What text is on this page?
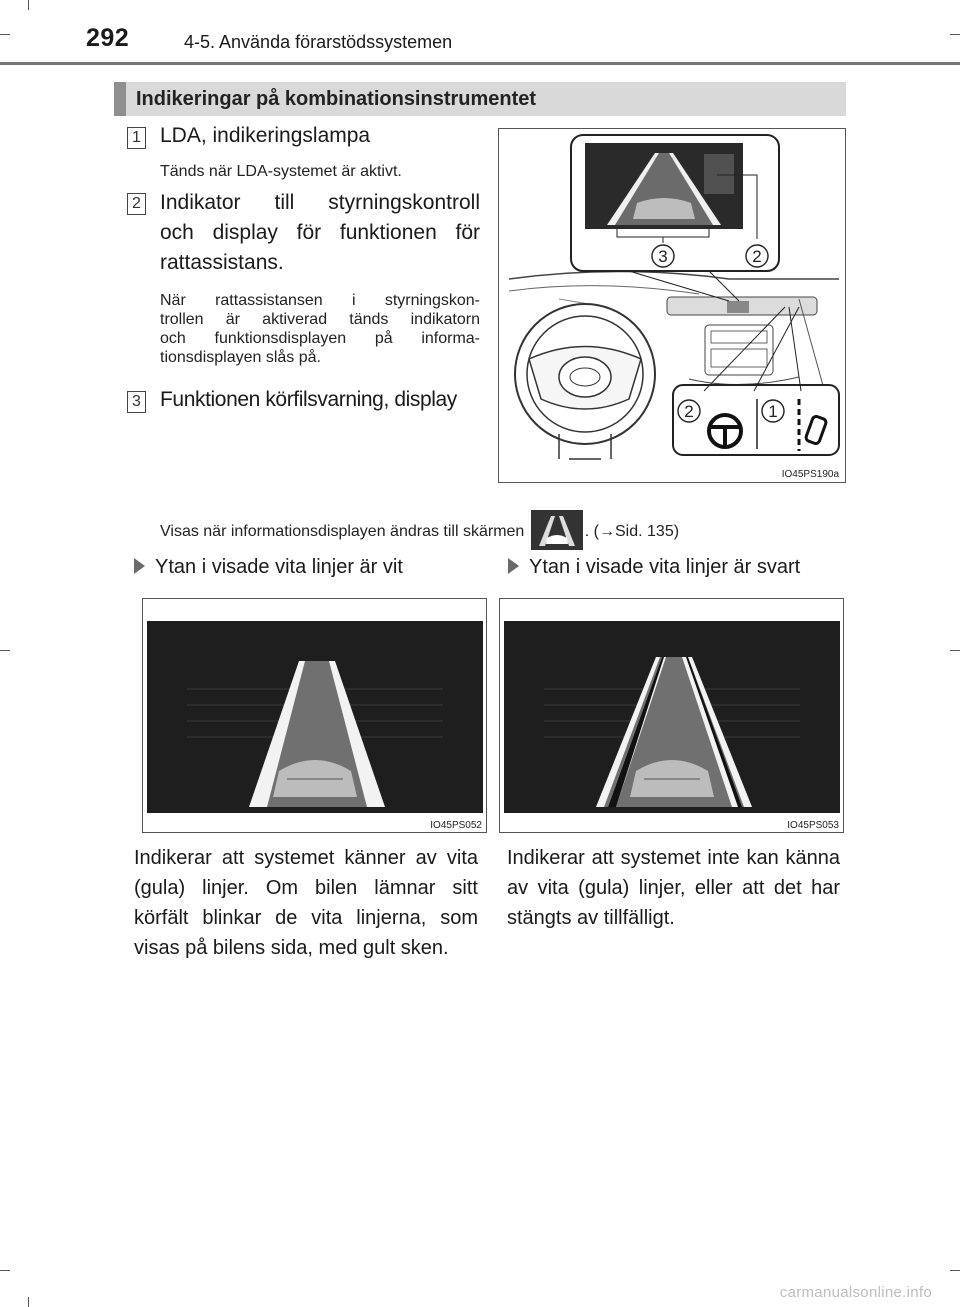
292	4-5. Använda förarstödssystemen
Indikeringar på kombinationsinstrumentet
1 LDA, indikeringslampa
Tänds när LDA-systemet är aktivt.
2 Indikator till styrningskontroll
och display för funktionen för
rattassistans.
När rattassistansen i styrningskon-
trollen är aktiverad tänds indikatorn
och funktionsdisplayen på informa-
tionsdisplayen slås på.
3 Funktionen körfilsvarning, display
3	2
2	1
IO45PS190a
Visas när informationsdisplayen ändras till skärmen	. (→Sid. 135)
Ytan i visade vita linjer är vit	Ytan i visade vita linjer är svart
IO45PS052	IO45PS053
Indikerar att systemet känner av vita (gula) linjer. Om bilen lämnar sitt körfält blinkar de vita linjerna, som visas på bilens sida, med gult sken.
Indikerar att systemet inte kan känna av vita (gula) linjer, eller att det har stängts av tillfälligt.
carmanualsonline.info
